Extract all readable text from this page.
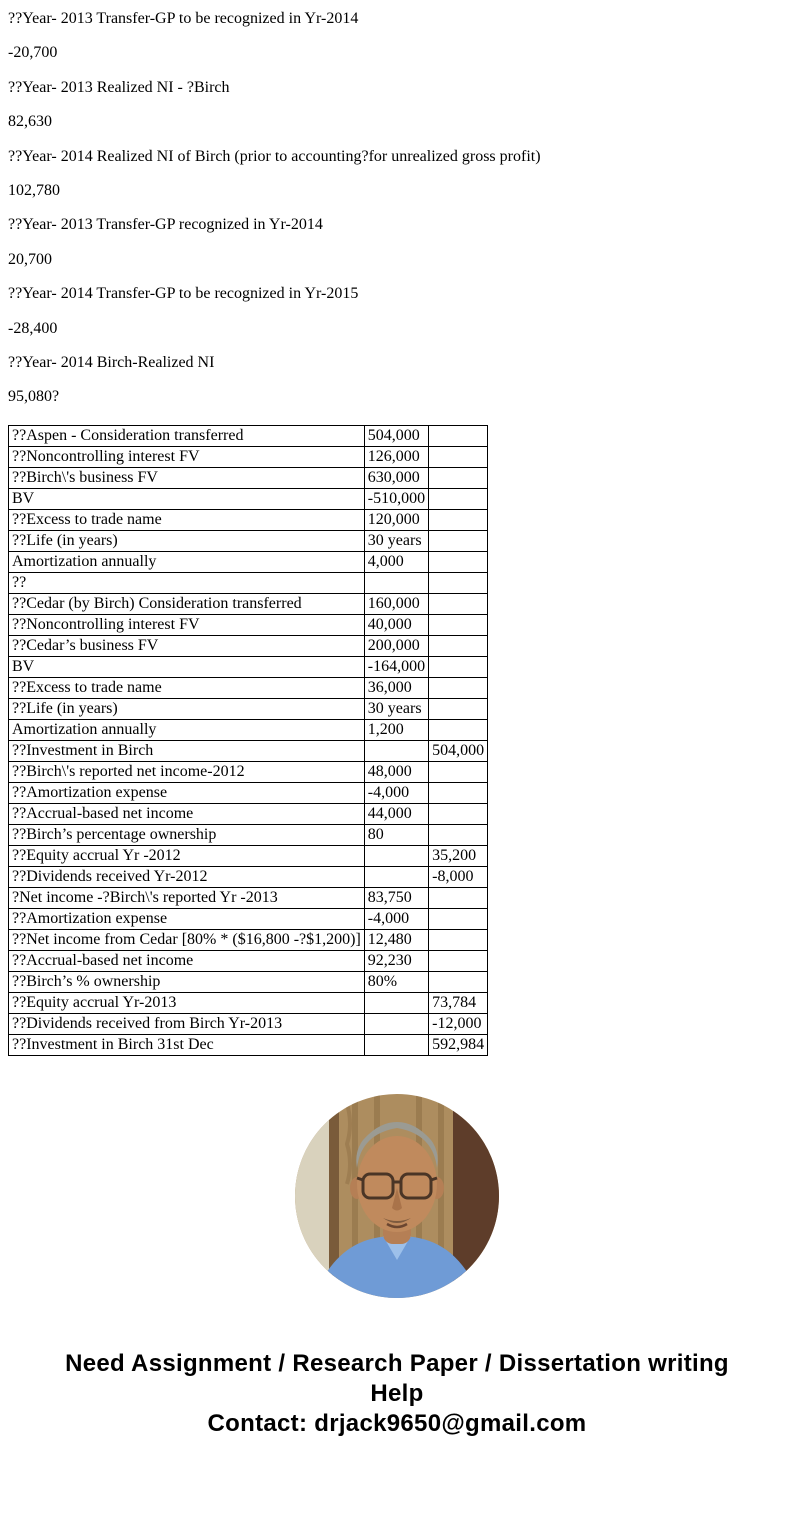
??Year- 2013 Transfer-GP to be recognized in Yr-2014

-20,700

??Year- 2013 Realized NI - ?Birch

82,630

??Year- 2014 Realized NI of Birch (prior to accounting?for unrealized gross profit)

102,780

??Year- 2013 Transfer-GP recognized in Yr-2014

20,700

??Year- 2014 Transfer-GP to be recognized in Yr-2015

-28,400

??Year- 2014 Birch-Realized NI

95,080?

??Aspen - Consideration transferred	504,000	
??Noncontrolling interest FV	126,000	
??Birch\'s business FV	630,000	
BV	-510,000	
??Excess to trade name	120,000	
??Life (in years)	30 years	
Amortization annually	4,000	
??		
??Cedar (by Birch) Consideration transferred	160,000	
??Noncontrolling interest FV	40,000	
??Cedar’s business FV	200,000	
BV	-164,000	
??Excess to trade name	36,000	
??Life (in years)	30 years	
Amortization annually	1,200	
??Investment in Birch		504,000
??Birch\'s reported net income-2012	48,000	
??Amortization expense	-4,000	
??Accrual-based net income	44,000	
??Birch’s percentage ownership	80	
??Equity accrual Yr -2012		35,200
??Dividends received Yr-2012		-8,000
?Net income -?Birch\'s reported Yr -2013	83,750	
??Amortization expense	-4,000	
??Net income from Cedar [80% * ($16,800 -?$1,200)]	12,480	
??Accrual-based net income	92,230	
??Birch’s % ownership	80%	
??Equity accrual Yr-2013		73,784
??Dividends received from Birch Yr-2013		-12,000
??Investment in Birch 31st Dec		592,984
Need Assignment / Research Paper / Dissertation writing Help
Contact: drjack9650@gmail.com
